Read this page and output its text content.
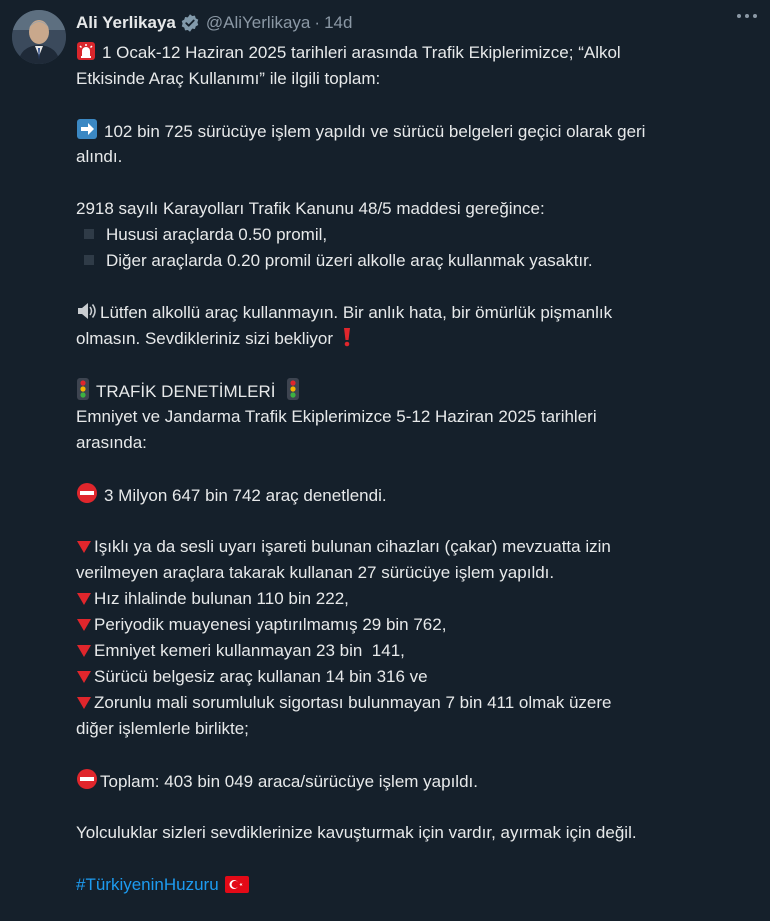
Ali Yerlikaya @AliYerlikaya · 14d
1 Ocak-12 Haziran 2025 tarihleri arasında Trafik Ekiplerimizce; “Alkol
Etkisinde Araç Kullanımı” ile ilgili toplam:
102 bin 725 sürücüye işlem yapıldı ve sürücü belgeleri geçici olarak geri
alındı.
2918 sayılı Karayolları Trafik Kanunu 48/5 maddesi gereğince:
Hususi araçlarda 0.50 promil,
Diğer araçlarda 0.20 promil üzeri alkolle araç kullanmak yasaktır.
Lütfen alkollü araç kullanmayın. Bir anlık hata, bir ömürlük pişmanlık
olmasın. Sevdikleriniz sizi bekliyor
TRAFİK DENETİMLERİ
Emniyet ve Jandarma Trafik Ekiplerimizce 5-12 Haziran 2025 tarihleri
arasında:
3 Milyon 647 bin 742 araç denetlendi.
Işıklı ya da sesli uyarı işareti bulunan cihazları (çakar) mevzuatta izin
verilmeyen araçlara takarak kullanan 27 sürücüye işlem yapıldı.
Hız ihlalinde bulunan 110 bin 222,
Periyodik muayenesi yaptırılmamış 29 bin 762,
Emniyet kemeri kullanmayan 23 bin  141,
Sürücü belgesiz araç kullanan 14 bin 316 ve
Zorunlu mali sorumluluk sigortası bulunmayan 7 bin 411 olmak üzere
diğer işlemlerle birlikte;
Toplam: 403 bin 049 araca/sürücüye işlem yapıldı.
Yolculuklar sizleri sevdiklerinize kavuşturmak için vardır, ayırmak için değil.
#TürkiyeninHuzuru
